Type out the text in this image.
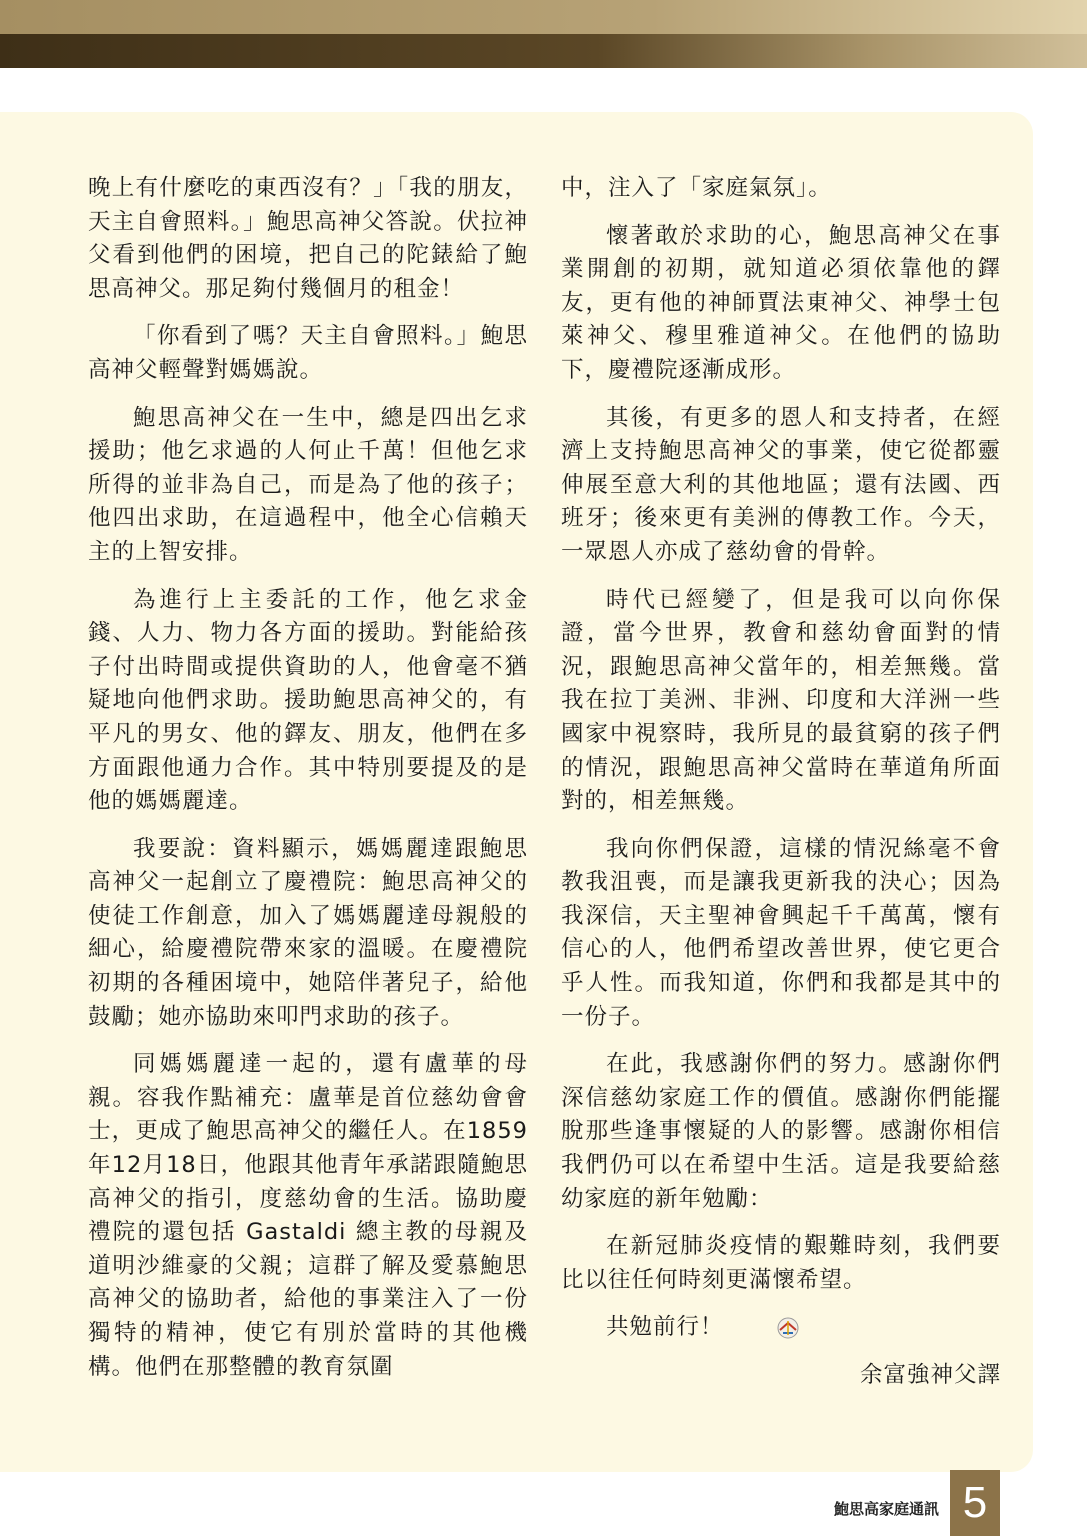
晚上有什麼吃的東西沒有？」「我的朋友，天主自會照料。」鮑思高神父答說。伏拉神父看到他們的困境，把自己的陀錶給了鮑思高神父。那足夠付幾個月的租金！

「你看到了嗎？天主自會照料。」鮑思高神父輕聲對媽媽說。

鮑思高神父在一生中，總是四出乞求援助；他乞求過的人何止千萬！但他乞求所得的並非為自己，而是為了他的孩子；他四出求助，在這過程中，他全心信賴天主的上智安排。

為進行上主委託的工作，他乞求金錢、人力、物力各方面的援助。對能給孩子付出時間或提供資助的人，他會毫不猶疑地向他們求助。援助鮑思高神父的，有平凡的男女、他的鐸友、朋友，他們在多方面跟他通力合作。其中特別要提及的是他的媽媽麗達。

我要說：資料顯示，媽媽麗達跟鮑思高神父一起創立了慶禮院：鮑思高神父的使徒工作創意，加入了媽媽麗達母親般的細心，給慶禮院帶來家的溫暖。在慶禮院初期的各種困境中，她陪伴著兒子，給他鼓勵；她亦協助來叩門求助的孩子。

同媽媽麗達一起的，還有盧華的母親。容我作點補充：盧華是首位慈幼會會士，更成了鮑思高神父的繼任人。在1859年12月18日，他跟其他青年承諾跟隨鮑思高神父的指引，度慈幼會的生活。協助慶禮院的還包括 Gastaldi 總主教的母親及道明沙維豪的父親；這群了解及愛慕鮑思高神父的協助者，給他的事業注入了一份獨特的精神，使它有別於當時的其他機構。他們在那整體的教育氛圍

中，注入了「家庭氣氛」。

懷著敢於求助的心，鮑思高神父在事業開創的初期，就知道必須依靠他的鐸友，更有他的神師賈法東神父、神學士包萊神父、穆里雅道神父。在他們的協助下，慶禮院逐漸成形。

其後，有更多的恩人和支持者，在經濟上支持鮑思高神父的事業，使它從都靈伸展至意大利的其他地區；還有法國、西班牙；後來更有美洲的傳教工作。今天，一眾恩人亦成了慈幼會的骨幹。

時代已經變了，但是我可以向你保證，當今世界，教會和慈幼會面對的情況，跟鮑思高神父當年的，相差無幾。當我在拉丁美洲、非洲、印度和大洋洲一些國家中視察時，我所見的最貧窮的孩子們的情況，跟鮑思高神父當時在華道角所面對的，相差無幾。

我向你們保證，這樣的情況絲毫不會教我沮喪，而是讓我更新我的決心；因為我深信，天主聖神會興起千千萬萬，懷有信心的人，他們希望改善世界，使它更合乎人性。而我知道，你們和我都是其中的一份子。

在此，我感謝你們的努力。感謝你們深信慈幼家庭工作的價值。感謝你們能擺脫那些逢事懷疑的人的影響。感謝你相信我們仍可以在希望中生活。這是我要給慈幼家庭的新年勉勵：

在新冠肺炎疫情的艱難時刻，我們要比以往任何時刻更滿懷希望。

共勉前行！

余富強神父譯

鮑思高家庭通訊 5
